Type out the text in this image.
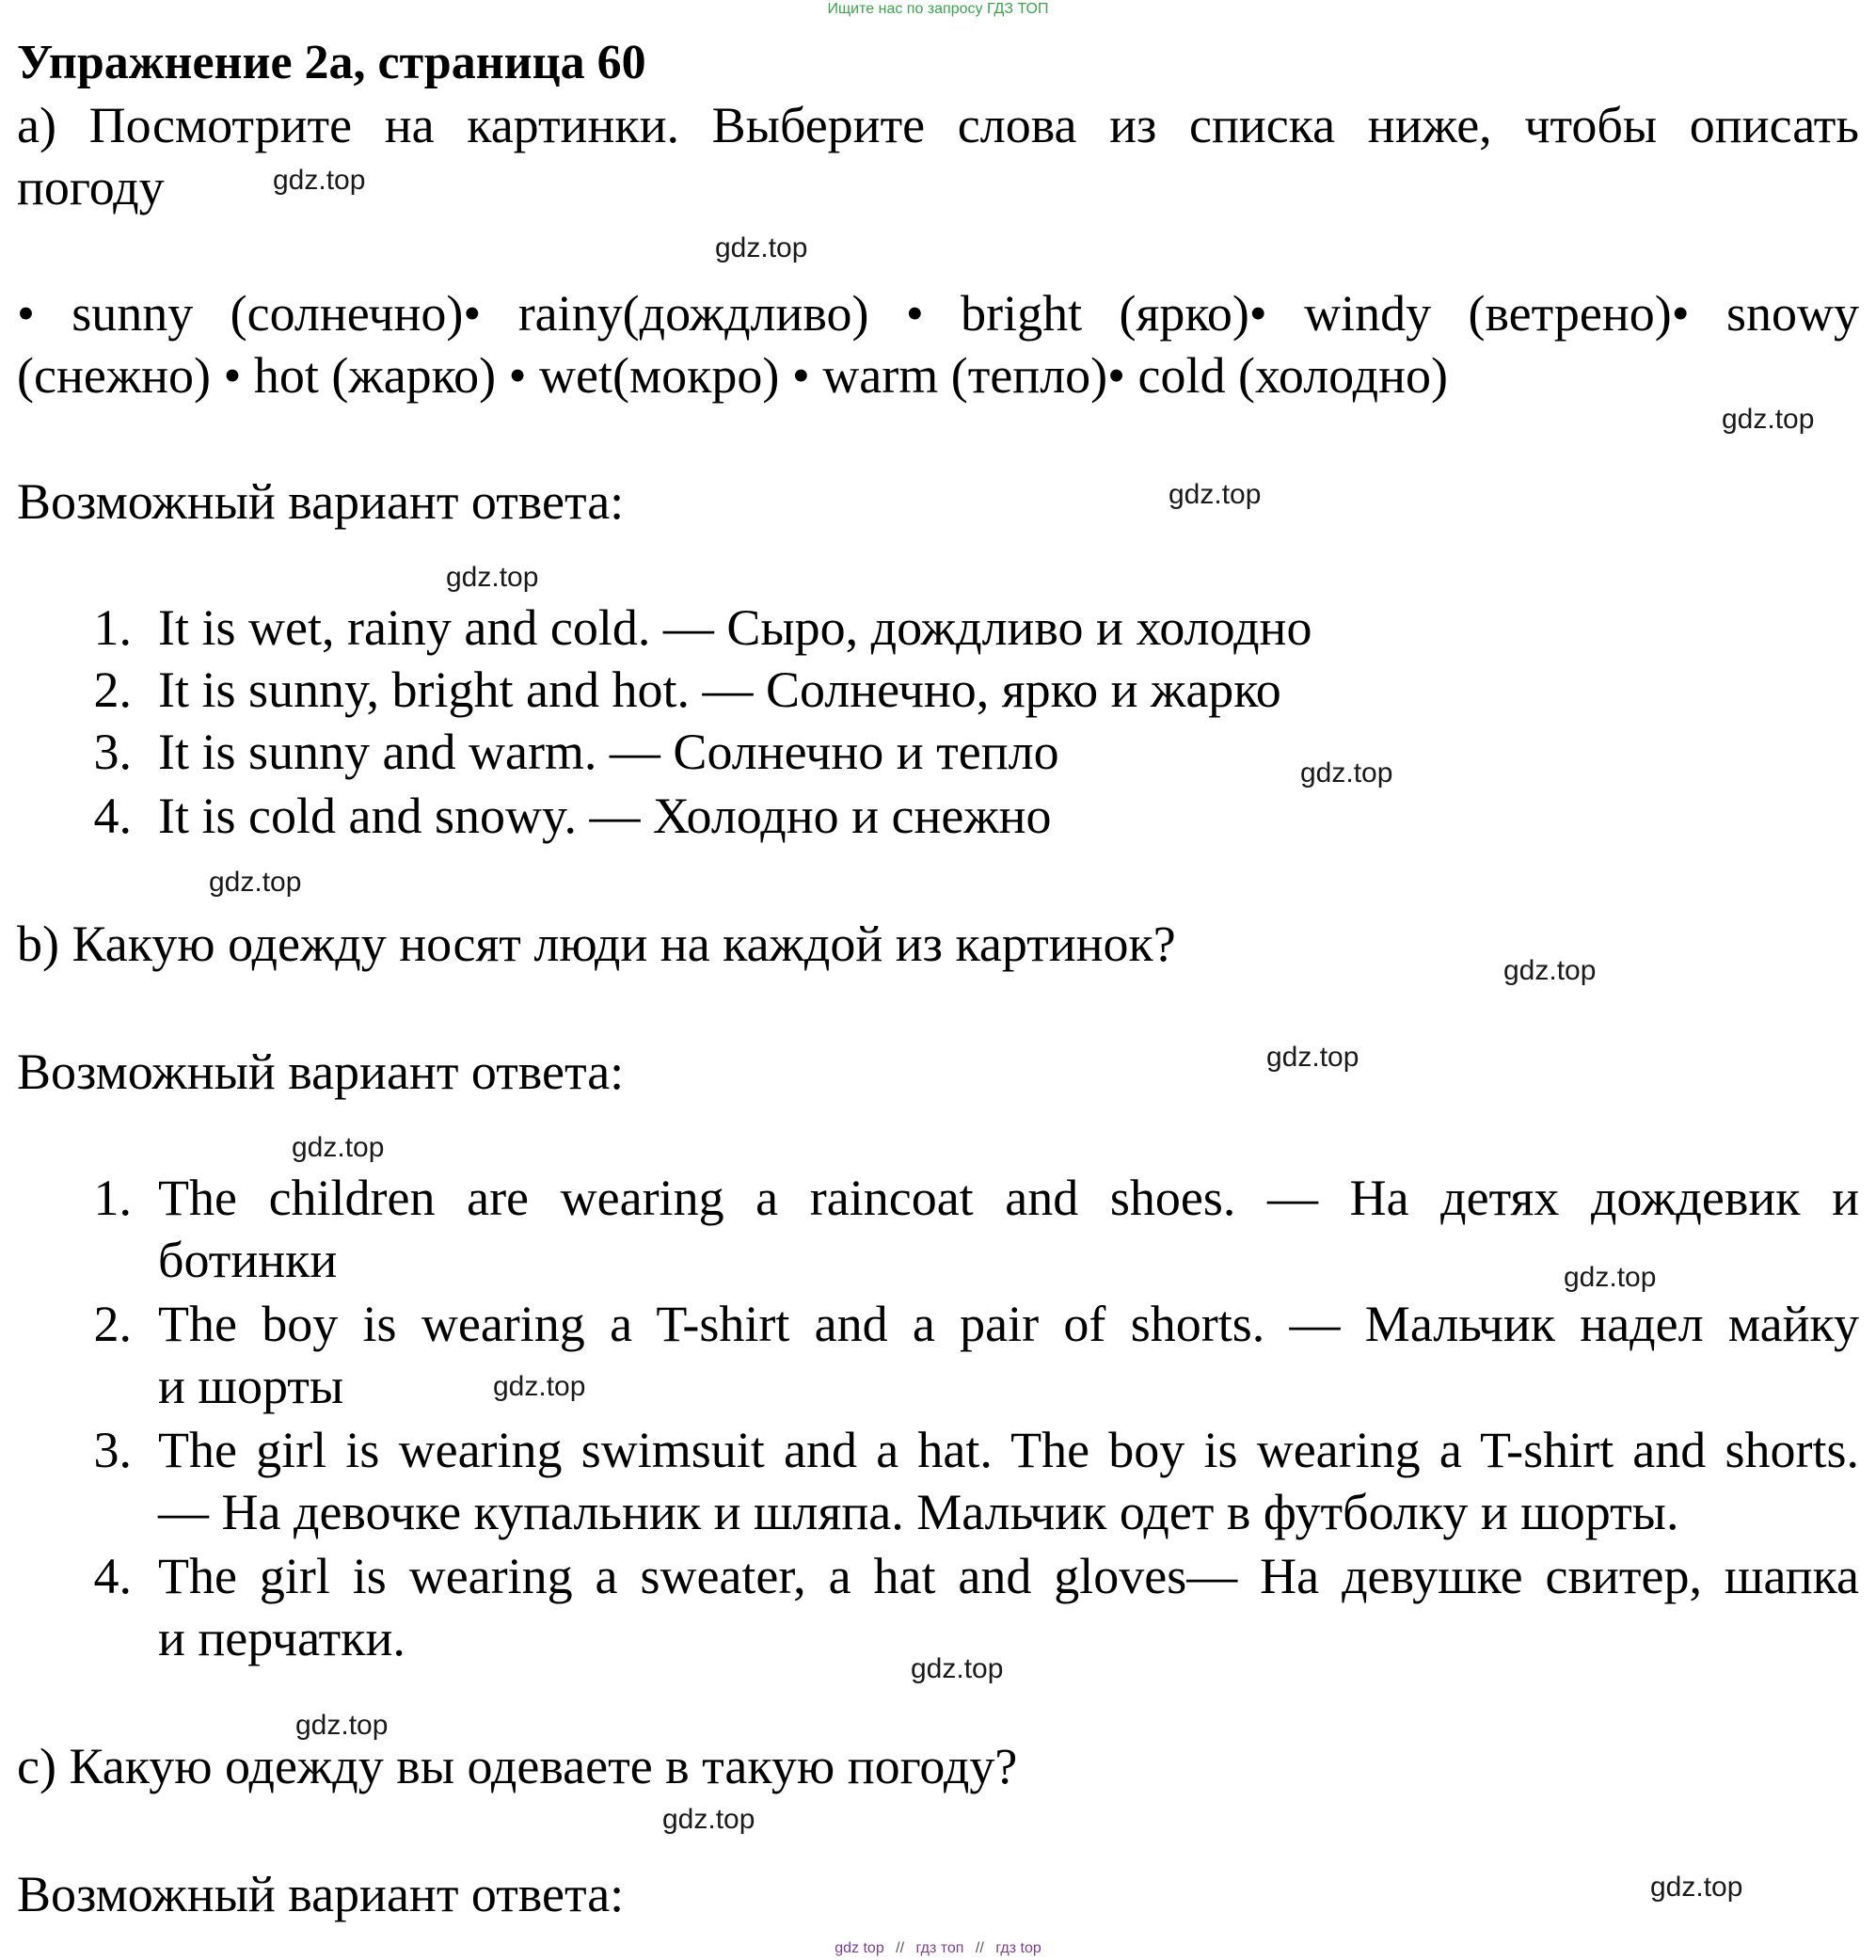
Ищите нас по запросу ГДЗ ТОП
Упражнение 2а, страница 60
а) Посмотрите на картинки. Выберите слова из списка ниже, чтобы описать
погоду
• sunny (солнечно)• rainy(дождливо) • bright (ярко)• windy (ветрено)• snowy
(снежно) • hot (жарко) • wet(мокро) • warm (тепло)• cold (холодно)
Возможный вариант ответа:
1. It is wet, rainy and cold. — Сыро, дождливо и холодно
2. It is sunny, bright and hot. — Солнечно, ярко и жарко
3. It is sunny and warm. — Солнечно и тепло
4. It is cold and snowy. — Холодно и снежно
b) Какую одежду носят люди на каждой из картинок?
Возможный вариант ответа:
1. The children are wearing a raincoat and shoes. — На детях дождевик и
ботинки
2. The boy is wearing a T-shirt and a pair of shorts. — Мальчик надел майку
и шорты
3. The girl is wearing swimsuit and a hat. The boy is wearing a T-shirt and shorts.
— На девочке купальник и шляпа. Мальчик одет в футболку и шорты.
4. The girl is wearing a sweater, a hat and gloves— На девушке свитер, шапка
и перчатки.
c) Какую одежду вы одеваете в такую погоду?
Возможный вариант ответа:
gdz.top
gdz.top
gdz.top
gdz.top
gdz.top
gdz.top
gdz.top
gdz.top
gdz.top
gdz.top
gdz.top
gdz.top
gdz.top
gdz.top
gdz.top
gdz.top
gdz top // гдз топ // гдз top
